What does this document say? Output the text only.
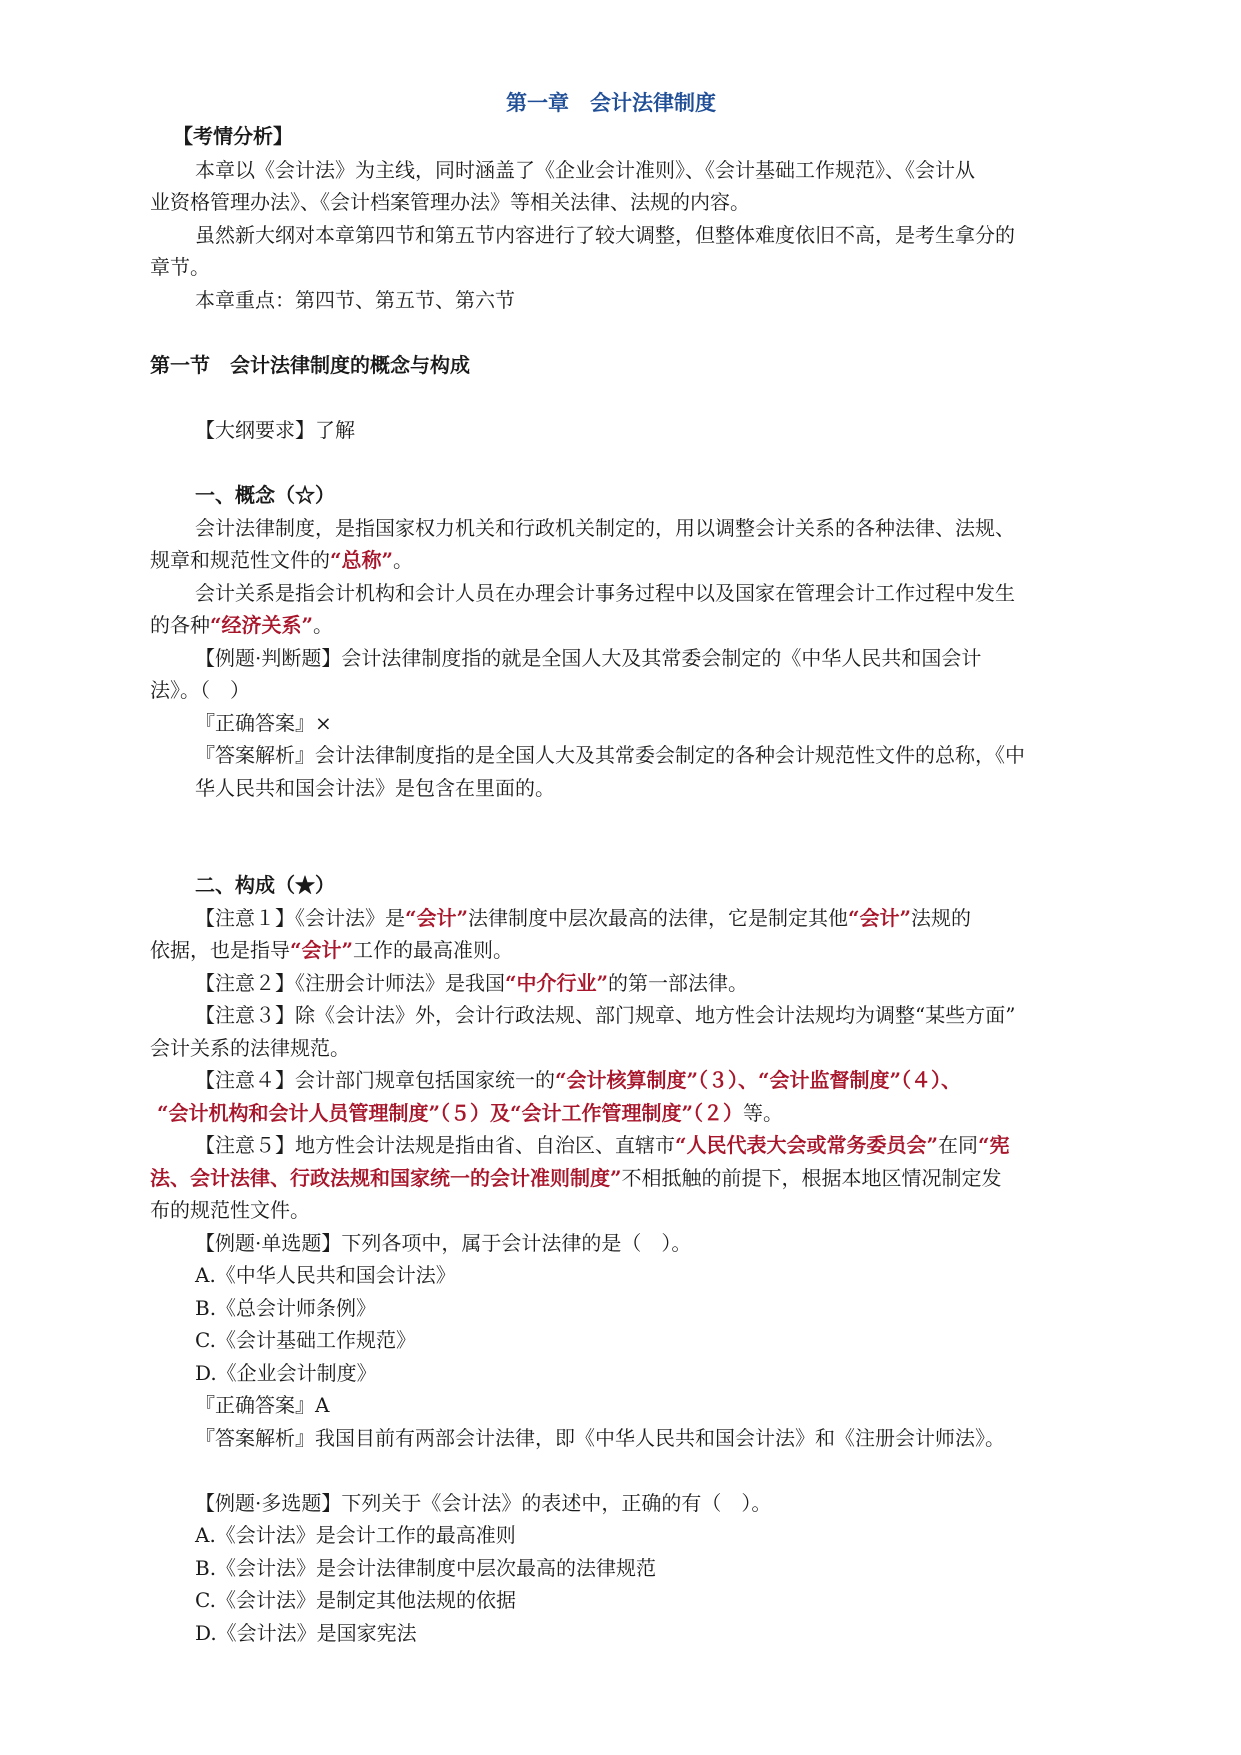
第一章　会计法律制度
【考情分析】
本章以《会计法》为主线，同时涵盖了《企业会计准则》、《会计基础工作规范》、《会计从
业资格管理办法》、《会计档案管理办法》等相关法律、法规的内容。
虽然新大纲对本章第四节和第五节内容进行了较大调整，但整体难度依旧不高，是考生拿分的
章节。
本章重点：第四节、第五节、第六节
第一节　会计法律制度的概念与构成
【大纲要求】了解
一、概念（☆）
会计法律制度，是指国家权力机关和行政机关制定的，用以调整会计关系的各种法律、法规、
规章和规范性文件的“总称”。
会计关系是指会计机构和会计人员在办理会计事务过程中以及国家在管理会计工作过程中发生
的各种“经济关系”。
【例题·判断题】会计法律制度指的就是全国人大及其常委会制定的《中华人民共和国会计
法》。（　）
『正确答案』×
『答案解析』会计法律制度指的是全国人大及其常委会制定的各种会计规范性文件的总称，《中
华人民共和国会计法》是包含在里面的。
二、构成（★）
【注意１】《会计法》是“会计”法律制度中层次最高的法律，它是制定其他“会计”法规的
依据，也是指导“会计”工作的最高准则。
【注意２】《注册会计师法》是我国“中介行业”的第一部法律。
【注意３】除《会计法》外，会计行政法规、部门规章、地方性会计法规均为调整“某些方面”
会计关系的法律规范。
【注意４】会计部门规章包括国家统一的“会计核算制度”（３）、“会计监督制度”（４）、
“会计机构和会计人员管理制度”（５）及“会计工作管理制度”（２）等。
【注意５】地方性会计法规是指由省、自治区、直辖市“人民代表大会或常务委员会”在同“宪
法、会计法律、行政法规和国家统一的会计准则制度”不相抵触的前提下，根据本地区情况制定发
布的规范性文件。
【例题·单选题】下列各项中，属于会计法律的是（　）。
A.《中华人民共和国会计法》
B.《总会计师条例》
C.《会计基础工作规范》
D.《企业会计制度》
『正确答案』A
『答案解析』我国目前有两部会计法律，即《中华人民共和国会计法》和《注册会计师法》。
【例题·多选题】下列关于《会计法》的表述中，正确的有（　）。
A.《会计法》是会计工作的最高准则
B.《会计法》是会计法律制度中层次最高的法律规范
C.《会计法》是制定其他法规的依据
D.《会计法》是国家宪法
